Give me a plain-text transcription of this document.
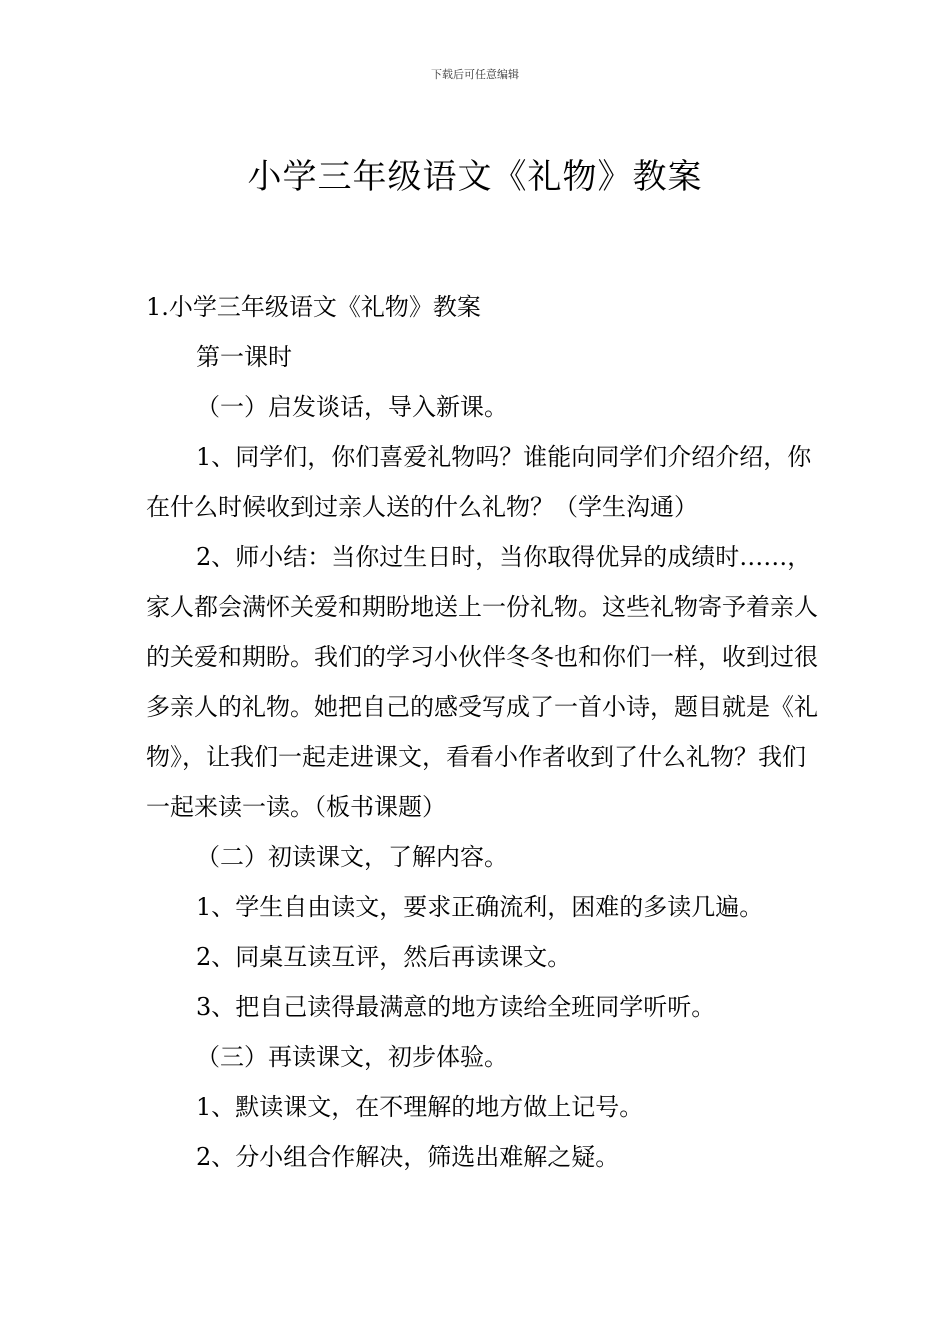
下载后可任意编辑
小学三年级语文《礼物》教案

1.小学三年级语文《礼物》教案

第一课时

（一）启发谈话，导入新课。

1、同学们，你们喜爱礼物吗？谁能向同学们介绍介绍，你在什么时候收到过亲人送的什么礼物？（学生沟通）

2、师小结：当你过生日时，当你取得优异的成绩时……，家人都会满怀关爱和期盼地送上一份礼物。这些礼物寄予着亲人的关爱和期盼。我们的学习小伙伴冬冬也和你们一样，收到过很多亲人的礼物。她把自己的感受写成了一首小诗，题目就是《礼物》，让我们一起走进课文，看看小作者收到了什么礼物？我们一起来读一读。（板书课题）

（二）初读课文，了解内容。

1、学生自由读文，要求正确流利，困难的多读几遍。

2、同桌互读互评，然后再读课文。

3、把自己读得最满意的地方读给全班同学听听。

（三）再读课文，初步体验。

1、默读课文，在不理解的地方做上记号。

2、分小组合作解决，筛选出难解之疑。
